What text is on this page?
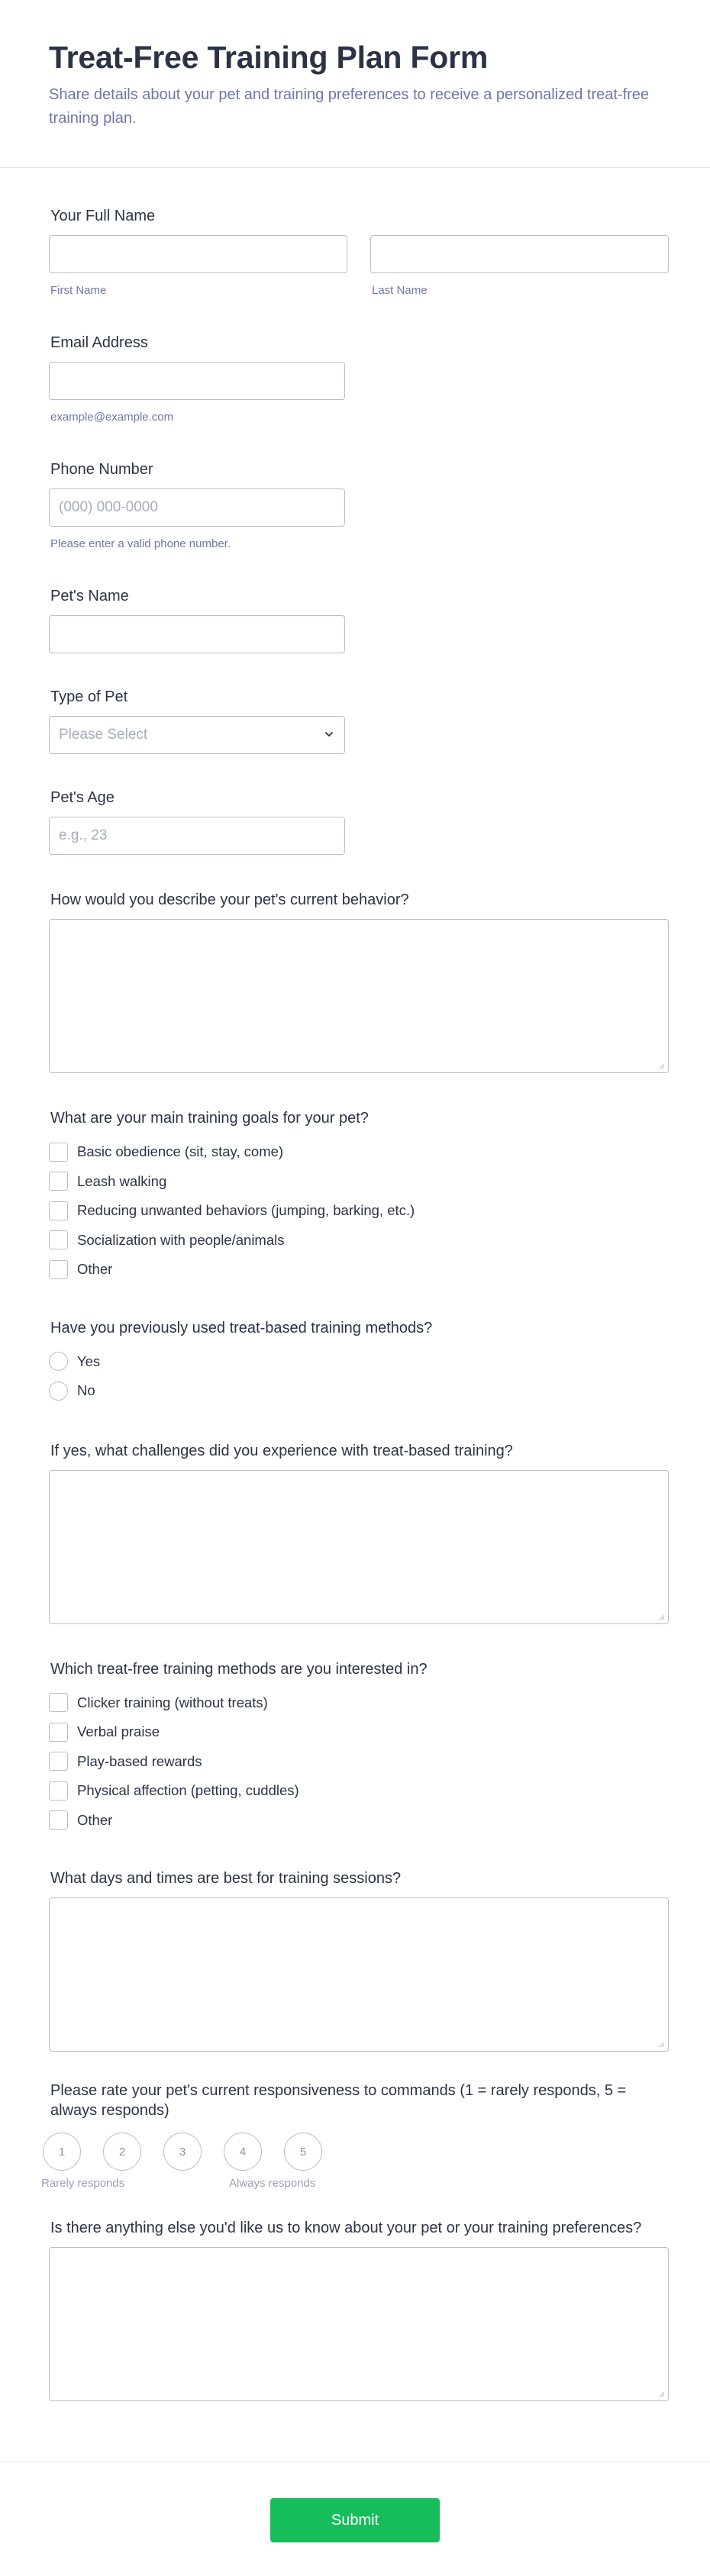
Treat-Free Training Plan Form

Share details about your pet and training preferences to receive a personalized treat-free training plan.

Your Full Name
First Name	Last Name
Email Address
example@example.com
Phone Number
(000) 000-0000
Please enter a valid phone number.
Pet's Name
Type of Pet
Please Select
Pet's Age
e.g., 23
How would you describe your pet's current behavior?
What are your main training goals for your pet?
Basic obedience (sit, stay, come)
Leash walking
Reducing unwanted behaviors (jumping, barking, etc.)
Socialization with people/animals
Other
Have you previously used treat-based training methods?
Yes
No
If yes, what challenges did you experience with treat-based training?
Which treat-free training methods are you interested in?
Clicker training (without treats)
Verbal praise
Play-based rewards
Physical affection (petting, cuddles)
Other
What days and times are best for training sessions?
Please rate your pet's current responsiveness to commands (1 = rarely responds, 5 = always responds)
1	2	3	4	5
Rarely responds	Always responds
Is there anything else you'd like us to know about your pet or your training preferences?
Submit
